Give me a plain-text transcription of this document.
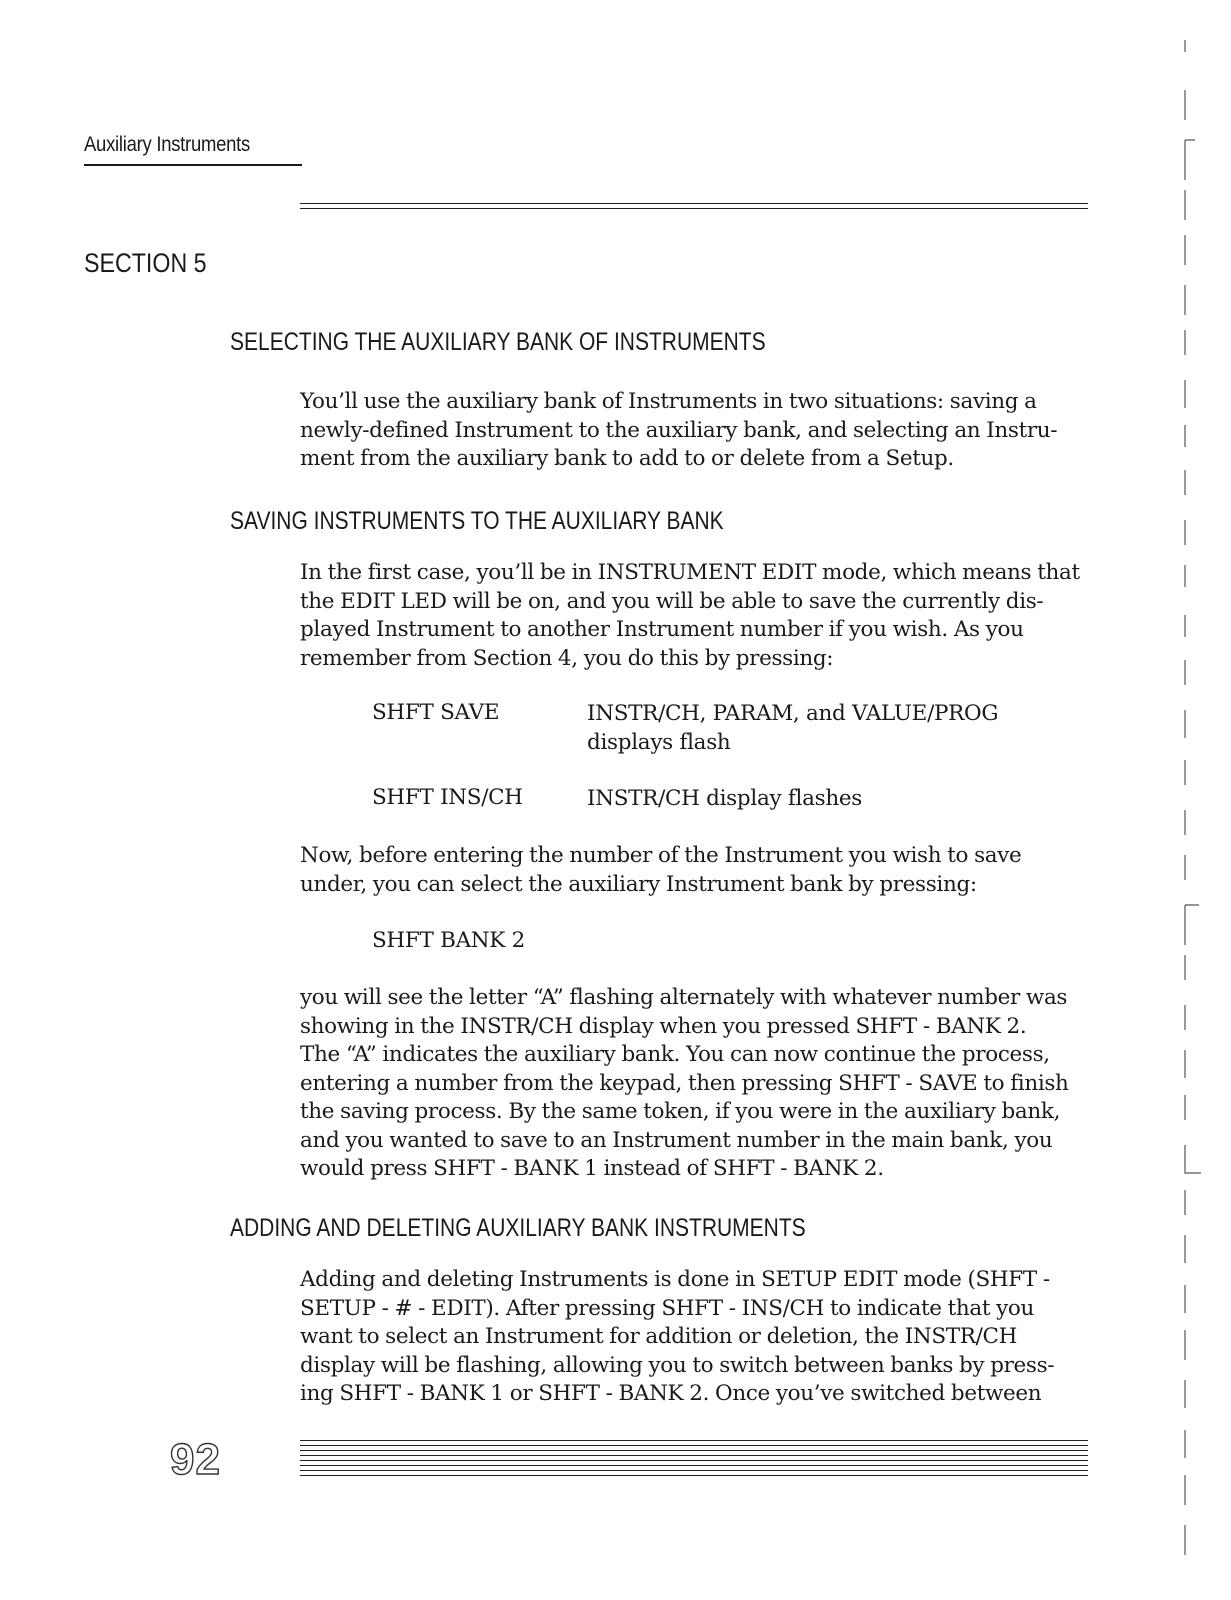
Auxiliary Instruments
SECTION 5
SELECTING THE AUXILIARY BANK OF INSTRUMENTS

You’ll use the auxiliary bank of Instruments in two situations: saving a

newly-defined Instrument to the auxiliary bank, and selecting an Instru-

ment from the auxiliary bank to add to or delete from a Setup.

SAVING INSTRUMENTS TO THE AUXILIARY BANK

In the first case, you’ll be in INSTRUMENT EDIT mode, which means that

the EDIT LED will be on, and you will be able to save the currently dis-

played Instrument to another Instrument number if you wish. As you

remember from Section 4, you do this by pressing:

SHFT SAVE	INSTR/CH, PARAM, and VALUE/PROG displays flash
SHFT INS/CH	INSTR/CH display flashes

Now, before entering the number of the Instrument you wish to save

under, you can select the auxiliary Instrument bank by pressing:

SHFT BANK 2

you will see the letter “A” flashing alternately with whatever number was

showing in the INSTR/CH display when you pressed SHFT - BANK 2.

The “A” indicates the auxiliary bank. You can now continue the process,

entering a number from the keypad, then pressing SHFT - SAVE to finish

the saving process. By the same token, if you were in the auxiliary bank,

and you wanted to save to an Instrument number in the main bank, you

would press SHFT - BANK 1 instead of SHFT - BANK 2.

ADDING AND DELETING AUXILIARY BANK INSTRUMENTS

Adding and deleting Instruments is done in SETUP EDIT mode (SHFT -

SETUP - # - EDIT). After pressing SHFT - INS/CH to indicate that you

want to select an Instrument for addition or deletion, the INSTR/CH

display will be flashing, allowing you to switch between banks by press-

ing SHFT - BANK 1 or SHFT - BANK 2. Once you’ve switched between

92
